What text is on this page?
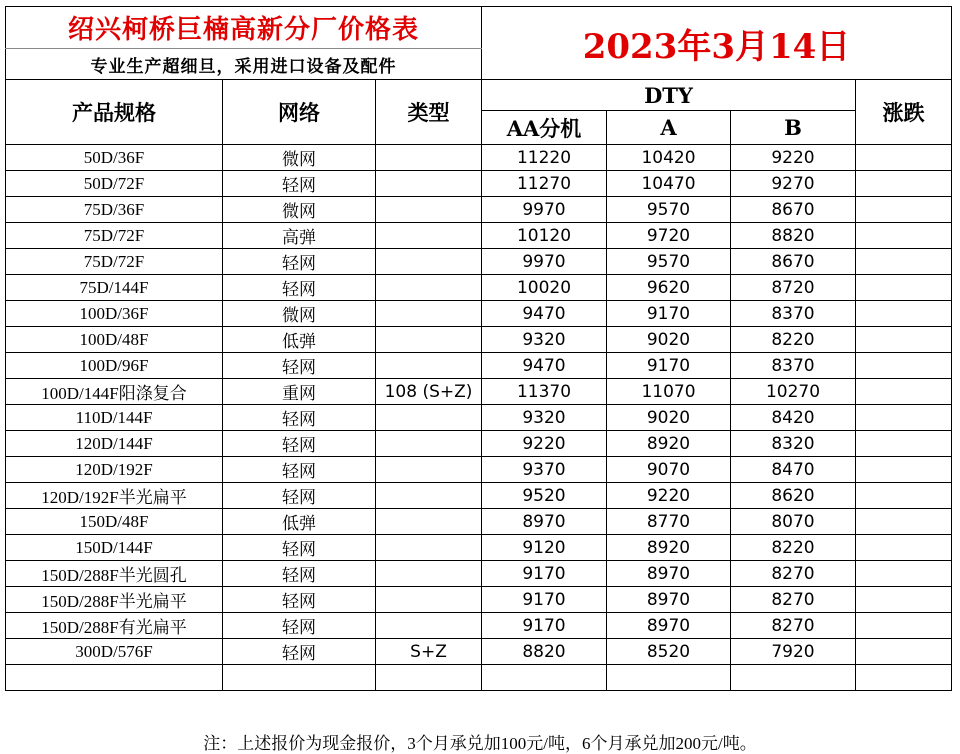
绍兴柯桥巨楠高新分厂价格表			2023年3月14日			
专业生产超细旦，采用进口设备及配件						
产品规格	网络	类型	DTY			涨跌
			AA分机	A	B	
50D/36F	微网		11220	10420	9220	
50D/72F	轻网		11270	10470	9270	
75D/36F	微网		9970	9570	8670	
75D/72F	高弹		10120	9720	8820	
75D/72F	轻网		9970	9570	8670	
75D/144F	轻网		10020	9620	8720	
100D/36F	微网		9470	9170	8370	
100D/48F	低弹		9320	9020	8220	
100D/96F	轻网		9470	9170	8370	
100D/144F阳涤复合	重网	108 (S+Z)	11370	11070	10270	
110D/144F	轻网		9320	9020	8420	
120D/144F	轻网		9220	8920	8320	
120D/192F	轻网		9370	9070	8470	
120D/192F半光扁平	轻网		9520	9220	8620	
150D/48F	低弹		8970	8770	8070	
150D/144F	轻网		9120	8920	8220	
150D/288F半光圆孔	轻网		9170	8970	8270	
150D/288F半光扁平	轻网		9170	8970	8270	
150D/288F有光扁平	轻网		9170	8970	8270	
300D/576F	轻网	S+Z	8820	8520	7920	

注：上述报价为现金报价，3个月承兑加100元/吨，6个月承兑加200元/吨。
